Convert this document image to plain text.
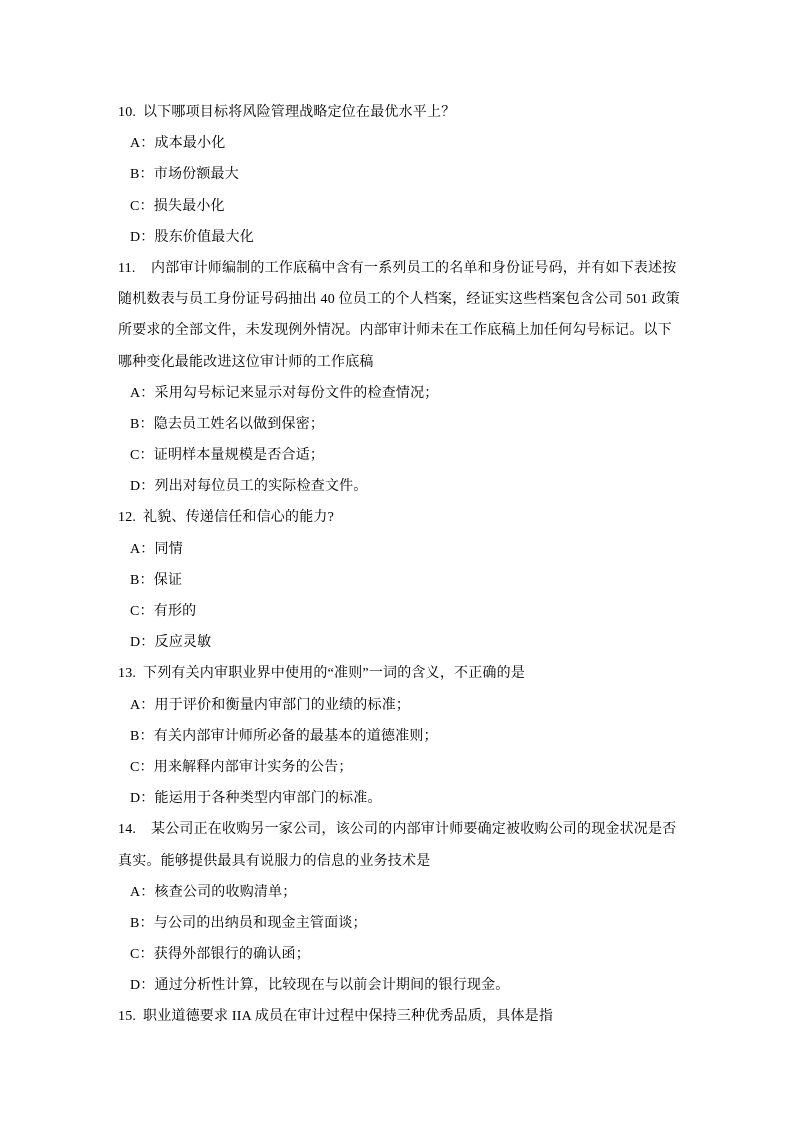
10. 以下哪项目标将风险管理战略定位在最优水平上？
A：成本最小化
B：市场份额最大
C：损失最小化
D：股东价值最大化
11. 内部审计师编制的工作底稿中含有一系列员工的名单和身份证号码，并有如下表述按
随机数表与员工身份证号码抽出 40 位员工的个人档案，经证实这些档案包含公司 501 政策
所要求的全部文件，未发现例外情况。内部审计师未在工作底稿上加任何勾号标记。以下
哪种变化最能改进这位审计师的工作底稿
A：采用勾号标记来显示对每份文件的检查情况；
B：隐去员工姓名以做到保密；
C：证明样本量规模是否合适；
D：列出对每位员工的实际检查文件。
12. 礼貌、传递信任和信心的能力?
A：同情
B：保证
C：有形的
D：反应灵敏
13. 下列有关内审职业界中使用的“准则”一词的含义，不正确的是
A：用于评价和衡量内审部门的业绩的标准；
B：有关内部审计师所必备的最基本的道德准则；
C：用来解释内部审计实务的公告；
D：能运用于各种类型内审部门的标准。
14. 某公司正在收购另一家公司，该公司的内部审计师要确定被收购公司的现金状况是否
真实。能够提供最具有说服力的信息的业务技术是
A：核查公司的收购清单；
B：与公司的出纳员和现金主管面谈；
C：获得外部银行的确认函；
D：通过分析性计算，比较现在与以前会计期间的银行现金。
15. 职业道德要求 IIA 成员在审计过程中保持三种优秀品质，具体是指
